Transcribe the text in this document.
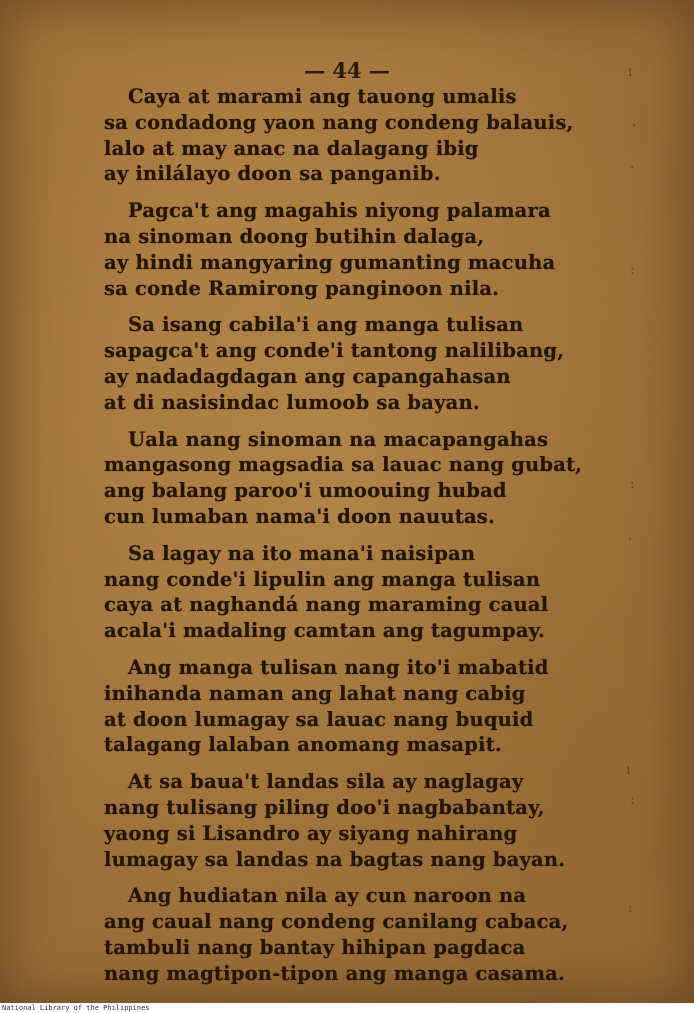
— 44 —
Caya at marami ang tauong umalis
sa condadong yaon nang condeng balauis,
lalo at may anac na dalagang ibig
ay inilálayo doon sa panganib.
Pagca't ang magahis niyong palamara
na sinoman doong butihin dalaga,
ay hindi mangyaring gumanting macuha
sa conde Ramirong panginoon nila.
Sa isang cabila'i ang manga tulisan
sapagca't ang conde'i tantong nalilibang,
ay nadadagdagan ang capangahasan
at di nasisindac lumoob sa bayan.
Uala nang sinoman na macapangahas
mangasong magsadia sa lauac nang gubat,
ang balang paroo'i umoouing hubad
cun lumaban nama'i doon nauutas.
Sa lagay na ito mana'i naisipan
nang conde'i lipulin ang manga tulisan
caya at naghandá nang maraming caual
acala'i madaling camtan ang tagumpay.
Ang manga tulisan nang ito'i mabatid
inihanda naman ang lahat nang cabig
at doon lumagay sa lauac nang buquid
talagang lalaban anomang masapit.
At sa baua't landas sila ay naglagay
nang tulisang piling doo'i nagbabantay,
yaong si Lisandro ay siyang nahirang
lumagay sa landas na bagtas nang bayan.
Ang hudiatan nila ay cun naroon na
ang caual nang condeng canilang cabaca,
tambuli nang bantay hihipan pagdaca
nang magtipon-tipon ang manga casama.
ı
·
·
:
:
·
ı
:
:
National Library of the Philippines
